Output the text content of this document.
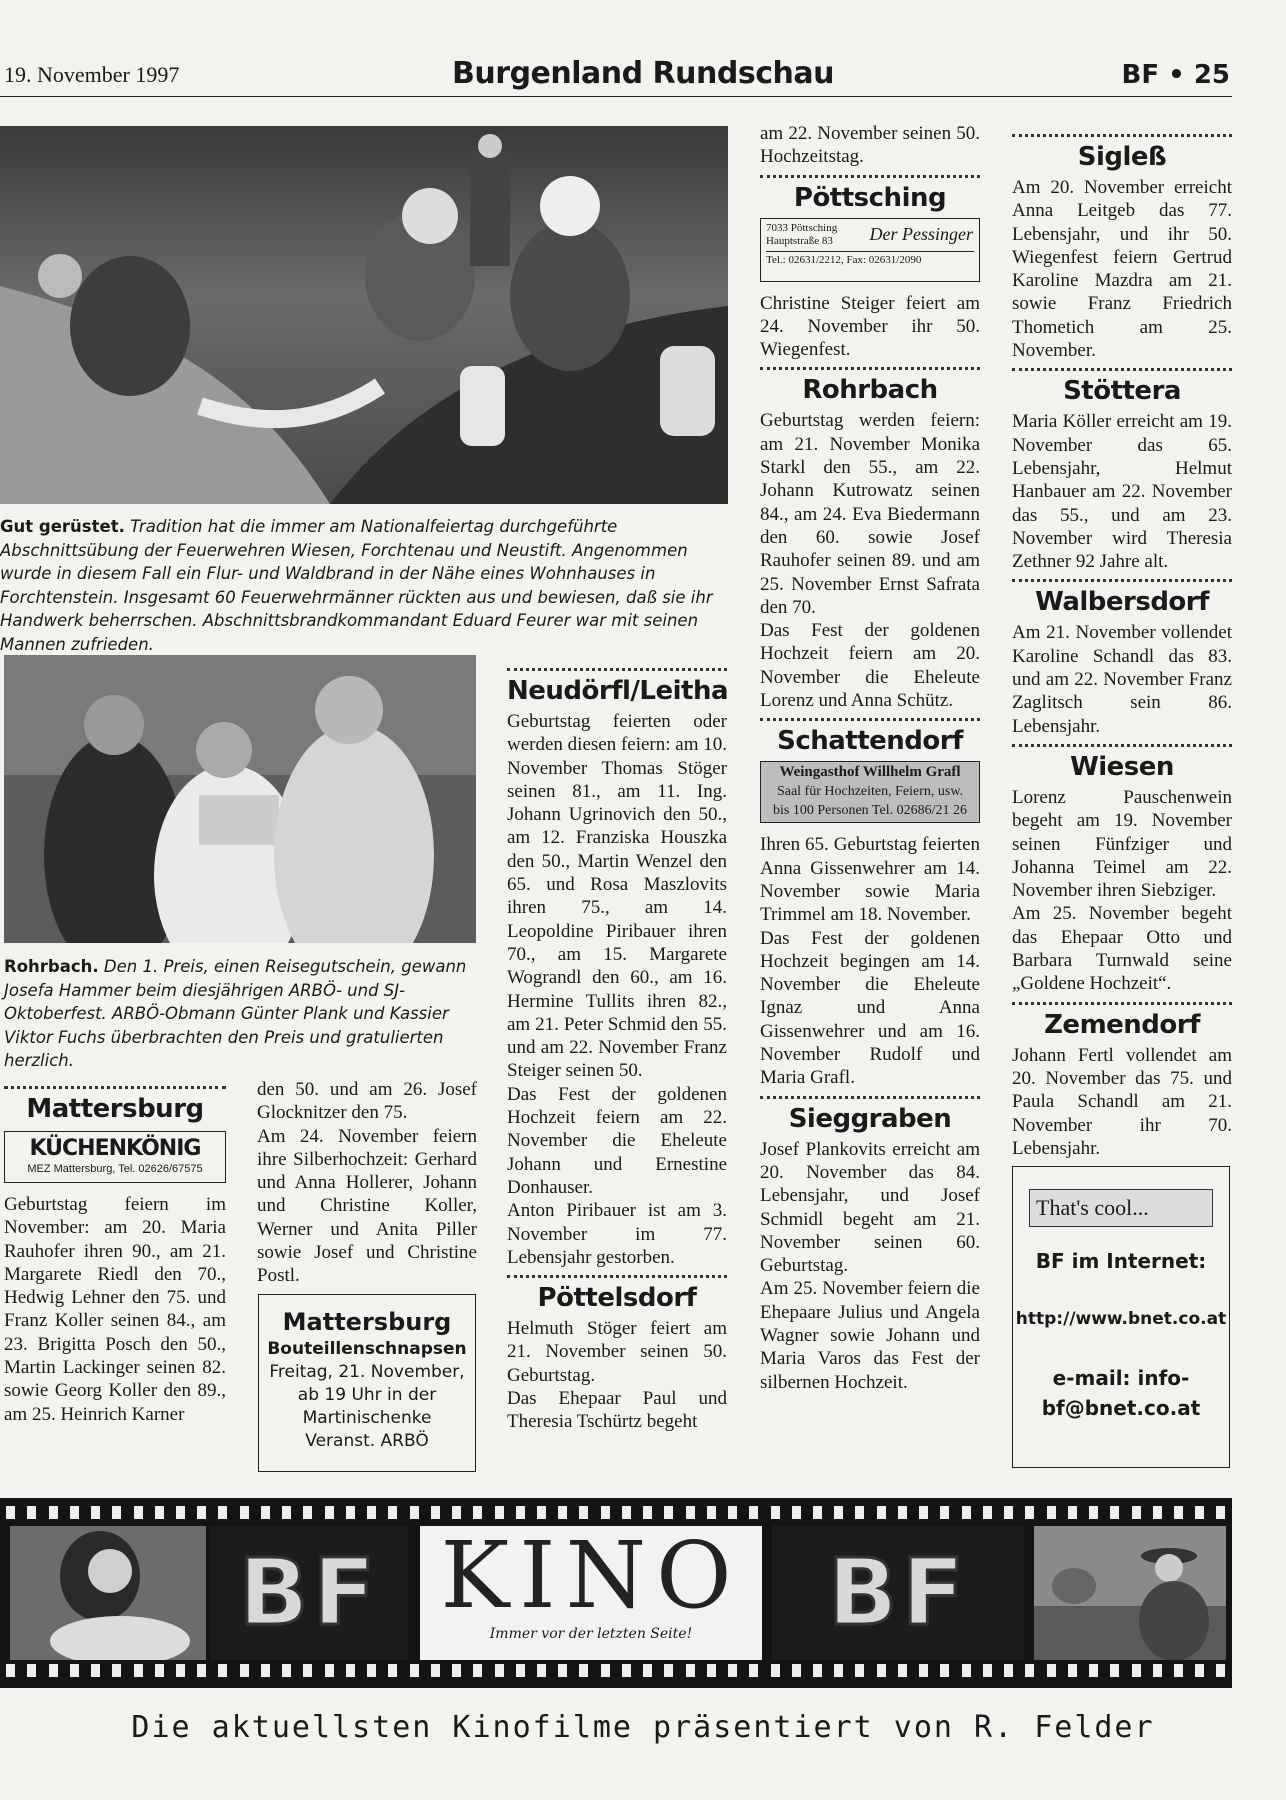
19. November 1997	Burgenland Rundschau	BF • 25
Gut gerüstet. Tradition hat die immer am Nationalfeiertag durchgeführte Abschnittsübung der Feuerwehren Wiesen, Forchtenau und Neustift. Angenommen wurde in diesem Fall ein Flur- und Waldbrand in der Nähe eines Wohnhauses in Forchtenstein. Insgesamt 60 Feuerwehrmänner rückten aus und bewiesen, daß sie ihr Handwerk beherrschen. Abschnittsbrandkommandant Eduard Feurer war mit seinen Mannen zufrieden.
Rohrbach. Den 1. Preis, einen Reisegutschein, gewann Josefa Hammer beim diesjährigen ARBÖ- und SJ-Oktoberfest. ARBÖ-Obmann Günter Plank und Kassier Viktor Fuchs überbrachten den Preis und gratulierten herzlich.
Mattersburg
KÜCHENKÖNIG
MEZ Mattersburg, Tel. 02626/67575

Geburtstag feiern im November: am 20. Maria Rauhofer ihren 90., am 21. Margarete Riedl den 70., Hedwig Lehner den 75. und Franz Koller seinen 84., am 23. Brigitta Posch den 50., Martin Lackinger seinen 82. sowie Georg Koller den 89., am 25. Heinrich Karner

den 50. und am 26. Josef Glocknitzer den 75.

Am 24. November feiern ihre Silberhochzeit: Gerhard und Anna Hollerer, Johann und Christine Koller, Werner und Anita Piller sowie Josef und Christine Postl.

Mattersburg
Bouteillenschnapsen
Freitag, 21. November,
ab 19 Uhr in der
Martinischenke
Veranst. ARBÖ
Neudörfl/Leitha

Geburtstag feierten oder werden diesen feiern: am 10. November Thomas Stöger seinen 81., am 11. Ing. Johann Ugrinovich den 50., am 12. Franziska Houszka den 50., Martin Wenzel den 65. und Rosa Maszlovits ihren 75., am 14. Leopoldine Piribauer ihren 70., am 15. Margarete Wograndl den 60., am 16. Hermine Tullits ihren 82., am 21. Peter Schmid den 55. und am 22. November Franz Steiger seinen 50.

Das Fest der goldenen Hochzeit feiern am 22. November die Eheleute Johann und Ernestine Donhauser.

Anton Piribauer ist am 3. November im 77. Lebensjahr gestorben.

Pöttelsdorf

Helmuth Stöger feiert am 21. November seinen 50. Geburtstag.

Das Ehepaar Paul und Theresia Tschürtz begeht

am 22. November seinen 50. Hochzeitstag.

Pöttsching
7033 Pöttsching
Hauptstraße 83	Der Pessinger
Tel.: 02631/2212, Fax: 02631/2090

Christine Steiger feiert am 24. November ihr 50. Wiegenfest.

Rohrbach

Geburtstag werden feiern: am 21. November Monika Starkl den 55., am 22. Johann Kutrowatz seinen 84., am 24. Eva Biedermann den 60. sowie Josef Rauhofer seinen 89. und am 25. November Ernst Safrata den 70.

Das Fest der goldenen Hochzeit feiern am 20. November die Eheleute Lorenz und Anna Schütz.

Schattendorf
Weingasthof Willhelm Grafl
Saal für Hochzeiten, Feiern, usw.
bis 100 Personen Tel. 02686/21 26

Ihren 65. Geburtstag feierten Anna Gissenwehrer am 14. November sowie Maria Trimmel am 18. November.

Das Fest der goldenen Hochzeit begingen am 14. November die Eheleute Ignaz und Anna Gissenwehrer und am 16. November Rudolf und Maria Grafl.

Sieggraben

Josef Plankovits erreicht am 20. November das 84. Lebensjahr, und Josef Schmidl begeht am 21. November seinen 60. Geburtstag.

Am 25. November feiern die Ehepaare Julius und Angela Wagner sowie Johann und Maria Varos das Fest der silbernen Hochzeit.

Sigleß

Am 20. November erreicht Anna Leitgeb das 77. Lebensjahr, und ihr 50. Wiegenfest feiern Gertrud Karoline Mazdra am 21. sowie Franz Friedrich Thometich am 25. November.

Stöttera

Maria Köller erreicht am 19. November das 65. Lebensjahr, Helmut Hanbauer am 22. November das 55., und am 23. November wird Theresia Zethner 92 Jahre alt.

Walbersdorf

Am 21. November vollendet Karoline Schandl das 83. und am 22. November Franz Zaglitsch sein 86. Lebensjahr.

Wiesen

Lorenz Pauschenwein begeht am 19. November seinen Fünfziger und Johanna Teimel am 22. November ihren Siebziger.

Am 25. November begeht das Ehepaar Otto und Barbara Turnwald seine „Goldene Hochzeit“.

Zemendorf

Johann Fertl vollendet am 20. November das 75. und Paula Schandl am 21. November ihr 70. Lebensjahr.

That's cool...
BF im Internet:
http://www.bnet.co.at
e-mail: info-bf@bnet.co.at
BF KINO
Immer vor der letzten Seite!	BF
Die aktuellsten Kinofilme präsentiert von R. Felder
